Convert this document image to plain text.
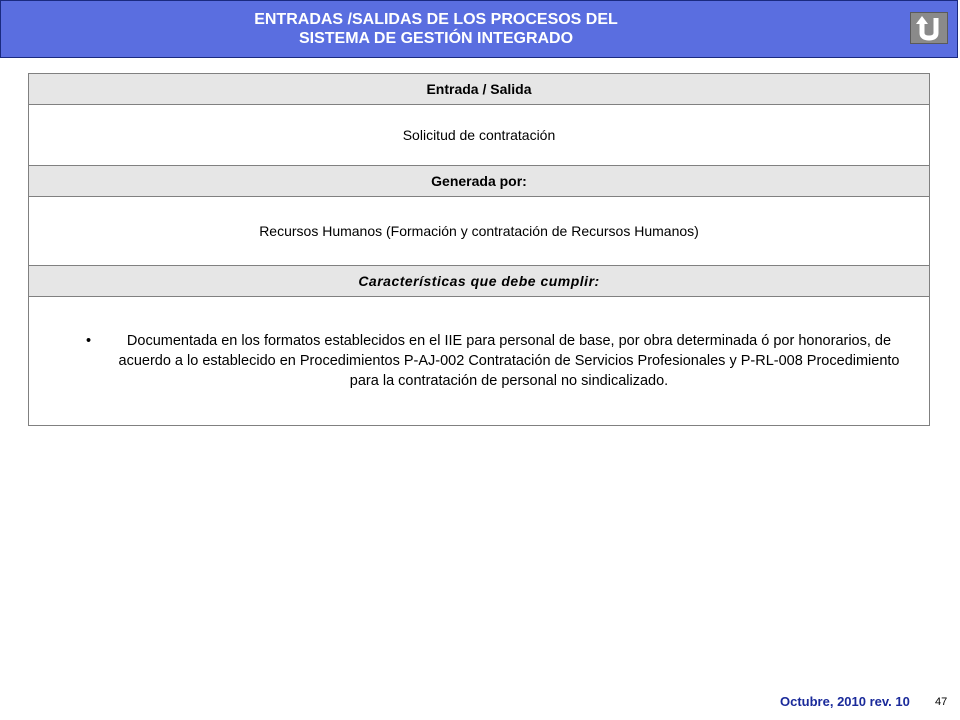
ENTRADAS /SALIDAS DE LOS PROCESOS DEL
SISTEMA DE GESTIÓN INTEGRADO
Entrada / Salida
Solicitud de contratación
Generada por:
Recursos Humanos (Formación y contratación de Recursos Humanos)
Características que debe cumplir:

• Documentada en los formatos establecidos en el IIE para personal de base, por obra determinada ó por honorarios, de acuerdo a lo establecido en Procedimientos P-AJ-002 Contratación de Servicios Profesionales y P-RL-008 Procedimiento para la contratación de personal no sindicalizado.
Octubre, 2010 rev. 10 47
